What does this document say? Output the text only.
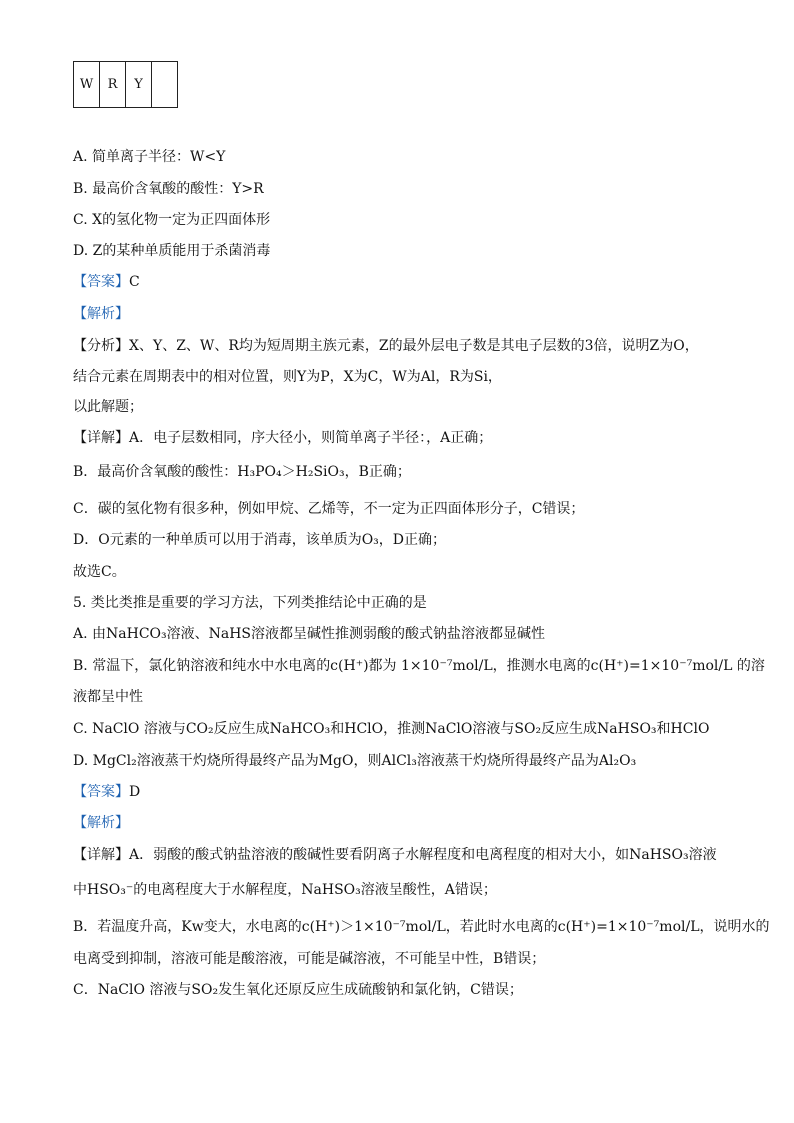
W	R	Y	
A. 简单离子半径：W<Y
B. 最高价含氧酸的酸性：Y>R
C. X的氢化物一定为正四面体形
D. Z的某种单质能用于杀菌消毒
【答案】C
【解析】
【分析】X、Y、Z、W、R均为短周期主族元素，Z的最外层电子数是其电子层数的3倍，说明Z为O，
结合元素在周期表中的相对位置，则Y为P，X为C，W为Al，R为Si，
以此解题；
【详解】A．电子层数相同，序大径小，则简单离子半径：，A正确；
B．最高价含氧酸的酸性：H₃PO₄＞H₂SiO₃，B正确；
C．碳的氢化物有很多种，例如甲烷、乙烯等，不一定为正四面体形分子，C错误；
D．O元素的一种单质可以用于消毒，该单质为O₃，D正确；
故选C。
5. 类比类推是重要的学习方法，下列类推结论中正确的是
A. 由NaHCO₃溶液、NaHS溶液都呈碱性推测弱酸的酸式钠盐溶液都显碱性
B. 常温下，氯化钠溶液和纯水中水电离的c(H⁺)都为 1×10⁻⁷mol/L，推测水电离的c(H⁺)=1×10⁻⁷mol/L 的溶
液都呈中性
C. NaClO 溶液与CO₂反应生成NaHCO₃和HClO，推测NaClO溶液与SO₂反应生成NaHSO₃和HClO
D. MgCl₂溶液蒸干灼烧所得最终产品为MgO，则AlCl₃溶液蒸干灼烧所得最终产品为Al₂O₃
【答案】D
【解析】
【详解】A．弱酸的酸式钠盐溶液的酸碱性要看阴离子水解程度和电离程度的相对大小，如NaHSO₃溶液
中HSO₃⁻的电离程度大于水解程度，NaHSO₃溶液呈酸性，A错误；
B．若温度升高，Kw变大，水电离的c(H⁺)＞1×10⁻⁷mol/L，若此时水电离的c(H⁺)=1×10⁻⁷mol/L，说明水的
电离受到抑制，溶液可能是酸溶液，可能是碱溶液，不可能呈中性，B错误；
C．NaClO 溶液与SO₂发生氧化还原反应生成硫酸钠和氯化钠，C错误；
